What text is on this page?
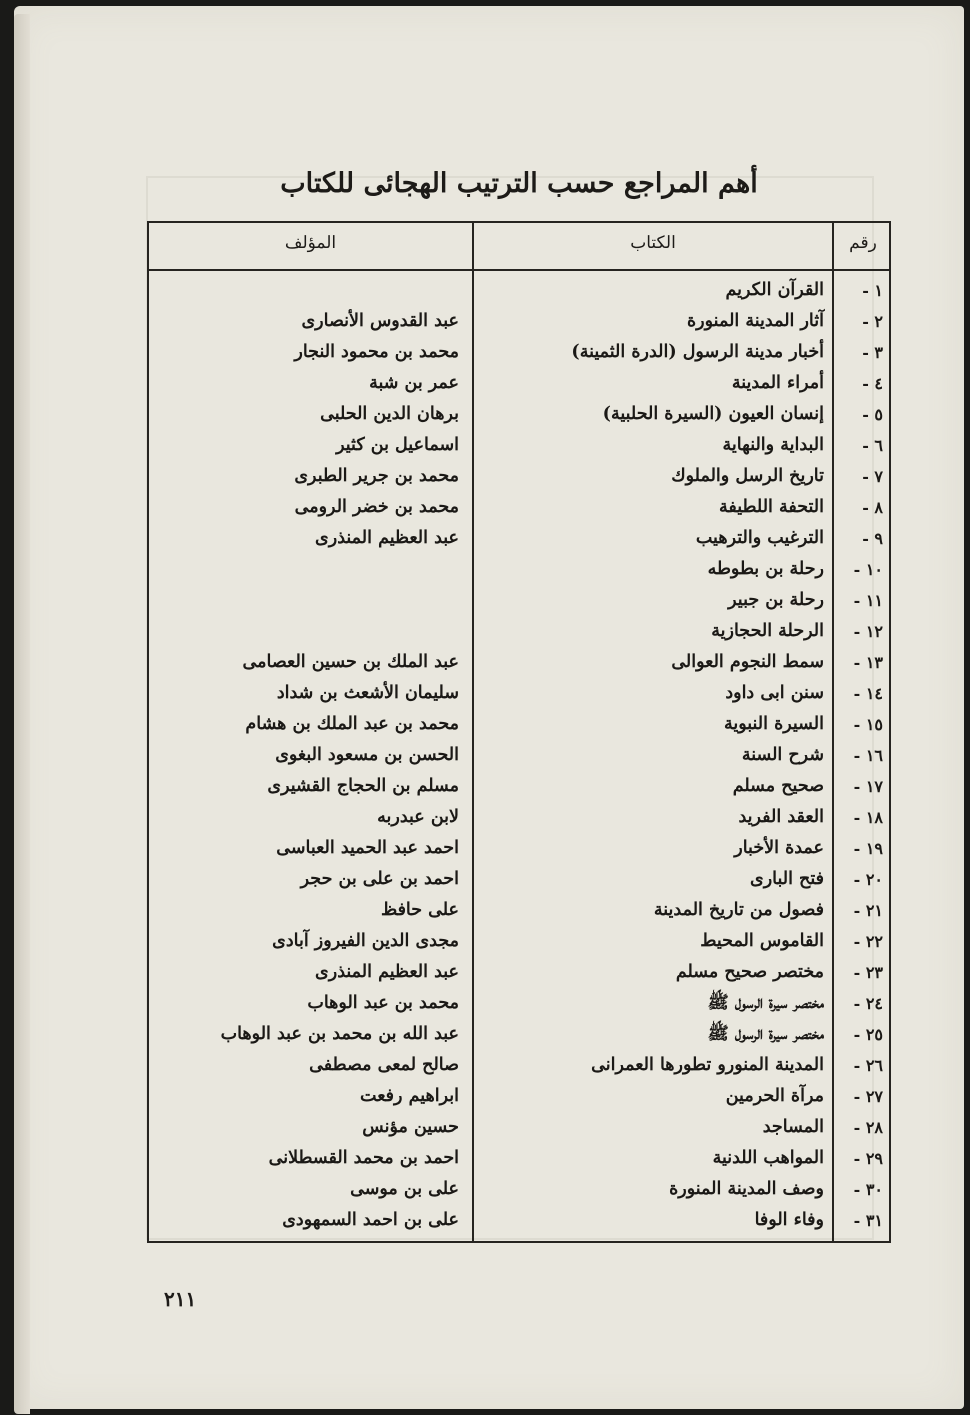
أهم المراجع حسب الترتيب الهجائى للكتاب
رقم
الكتاب
المؤلف
١ -
٢ -
٣ -
٤ -
٥ -
٦ -
٧ -
٨ -
٩ -
١٠ -
١١ -
١٢ -
١٣ -
١٤ -
١٥ -
١٦ -
١٧ -
١٨ -
١٩ -
٢٠ -
٢١ -
٢٢ -
٢٣ -
٢٤ -
٢٥ -
٢٦ -
٢٧ -
٢٨ -
٢٩ -
٣٠ -
٣١ -
القرآن الكريم
آثار المدينة المنورة
أخبار مدينة الرسول (الدرة الثمينة)
أمراء المدينة
إنسان العيون (السيرة الحلبية)
البداية والنهاية
تاريخ الرسل والملوك
التحفة اللطيفة
الترغيب والترهيب
رحلة بن بطوطه
رحلة بن جبير
الرحلة الحجازية
سمط النجوم العوالى
سنن ابى داود
السيرة النبوية
شرح السنة
صحيح مسلم
العقد الفريد
عمدة الأخبار
فتح البارى
فصول من تاريخ المدينة
القاموس المحيط
مختصر صحيح مسلم
مختصر سيرة الرسول ﷺ
مختصر سيرة الرسول ﷺ
المدينة المنورو تطورها العمرانى
مرآة الحرمين
المساجد
المواهب اللدنية
وصف المدينة المنورة
وفاء الوفا
عبد القدوس الأنصارى
محمد بن محمود النجار
عمر بن شبة
برهان الدين الحلبى
اسماعيل بن كثير
محمد بن جرير الطبرى
محمد بن خضر الرومى
عبد العظيم المنذرى
عبد الملك بن حسين العصامى
سليمان الأشعث بن شداد
محمد بن عبد الملك بن هشام
الحسن بن مسعود البغوى
مسلم بن الحجاج القشيرى
لابن عبدربه
احمد عبد الحميد العباسى
احمد بن على بن حجر
على حافظ
مجدى الدين الفيروز آبادى
عبد العظيم المنذرى
محمد بن عبد الوهاب
عبد الله بن محمد بن عبد الوهاب
صالح لمعى مصطفى
ابراهيم رفعت
حسين مؤنس
احمد بن محمد القسطلانى
على بن موسى
على بن احمد السمهودى
٢١١
